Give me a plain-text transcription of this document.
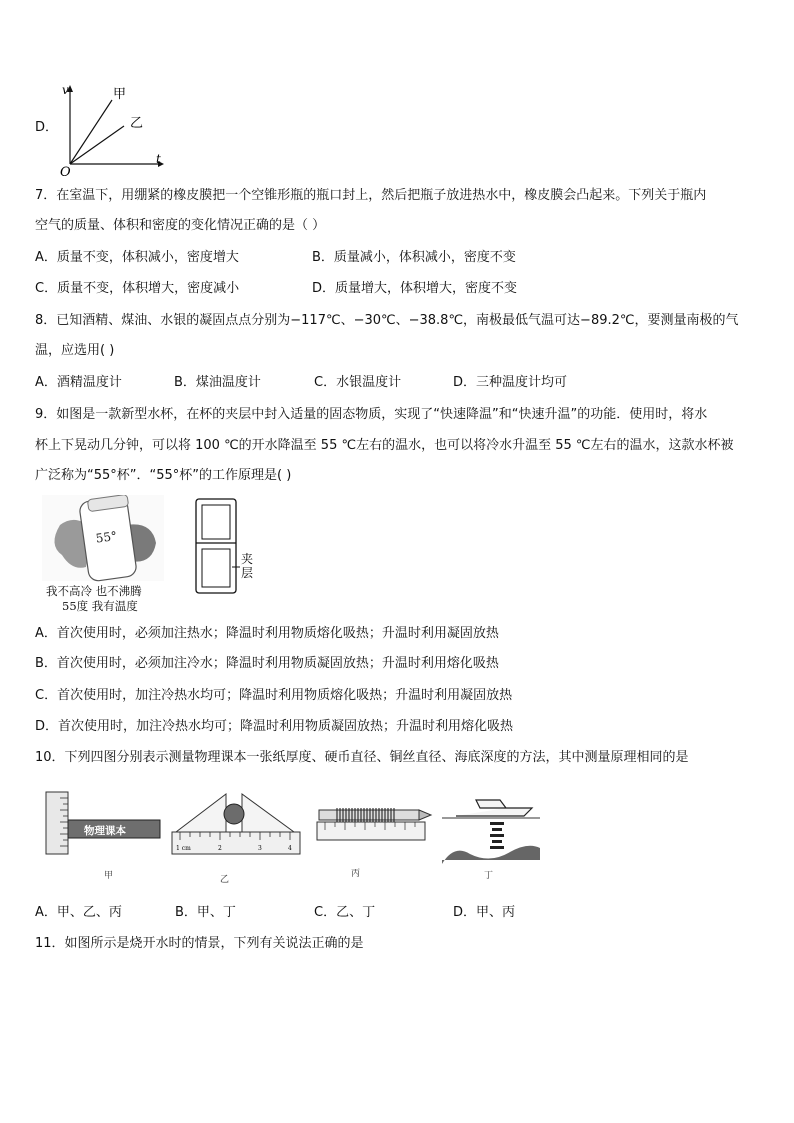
D．
v
t
O
甲
乙
7．在室温下，用绷紧的橡皮膜把一个空锥形瓶的瓶口封上，然后把瓶子放进热水中，橡皮膜会凸起来。下列关于瓶内
空气的质量、体积和密度的变化情况正确的是（ ）
A．质量不变，体积减小，密度增大	B．质量减小，体积减小，密度不变
C．质量不变，体积增大，密度减小	D．质量增大，体积增大，密度不变
8．已知酒精、煤油、水银的凝固点点分别为−117℃、−30℃、−38.8℃，南极最低气温可达−89.2℃，要测量南极的气
温，应选用( )
A．酒精温度计	B．煤油温度计	C．水银温度计	D．三种温度计均可
9．如图是一款新型水杯，在杯的夹层中封入适量的固态物质，实现了“快速降温”和“快速升温”的功能．使用时，将水
杯上下晃动几分钟，可以将 100 ℃的开水降温至 55 ℃左右的温水，也可以将冷水升温至 55 ℃左右的温水，这款水杯被
广泛称为“55°杯”．“55°杯”的工作原理是( )
55°
我不高冷 也不沸腾
55度 我有温度
夹
层
A．首次使用时，必须加注热水；降温时利用物质熔化吸热；升温时利用凝固放热
B．首次使用时，必须加注冷水；降温时利用物质凝固放热；升温时利用熔化吸热
C．首次使用时，加注冷热水均可；降温时利用物质熔化吸热；升温时利用凝固放热
D．首次使用时，加注冷热水均可；降温时利用物质凝固放热；升温时利用熔化吸热
10．下列四图分别表示测量物理课本一张纸厚度、硬币直径、铜丝直径、海底深度的方法，其中测量原理相同的是
物理课本
甲
1 cm	2	3	4
乙
丙	丁
A．甲、乙、丙	B．甲、丁	C．乙、丁	D．甲、丙
11．如图所示是烧开水时的情景，下列有关说法正确的是
